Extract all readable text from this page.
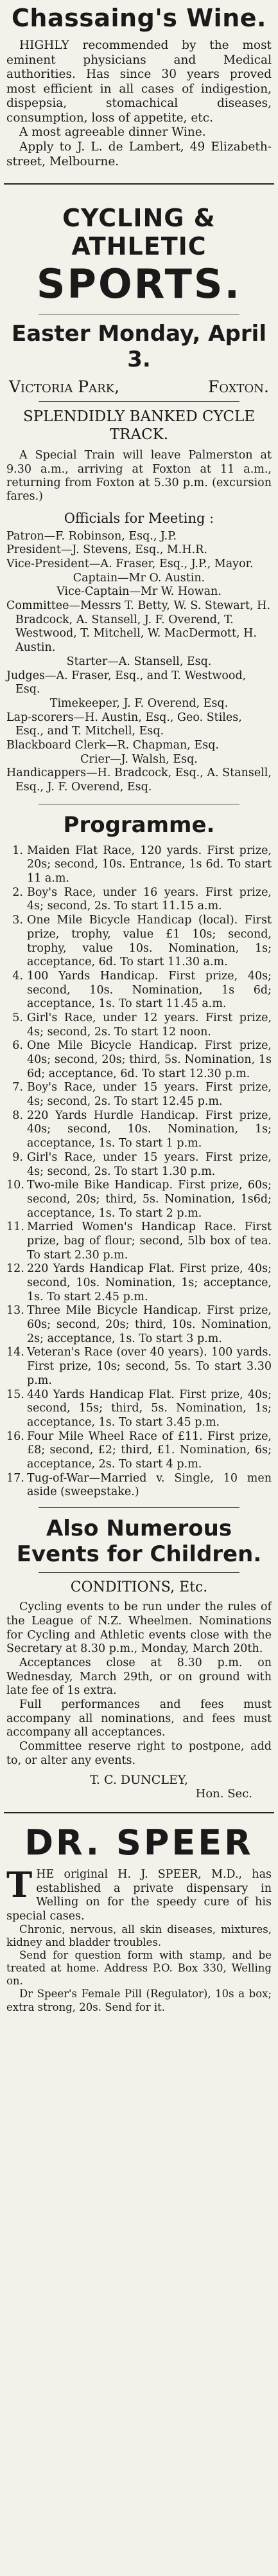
Chassaing's Wine.
HIGHLY recommended by the most eminent physicians and Medical authorities. Has since 30 years proved most efficient in all cases of indigestion, dispepsia, stomachical diseases, consumption, loss of appetite, etc.
A most agreeable dinner Wine.
Apply to J. L. de Lambert, 49 Elizabeth-street, Melbourne.
CYCLING & ATHLETIC
SPORTS.
Easter Monday, April 3.
Victoria Park,	Foxton.
SPLENDIDLY BANKED CYCLE TRACK.
A Special Train will leave Palmerston at 9.30 a.m., arriving at Foxton at 11 a.m., returning from Foxton at 5.30 p.m. (excursion fares.)
Officials for Meeting :
Patron—F. Robinson, Esq., J.P.
President—J. Stevens, Esq., M.H.R.
Vice-President—A. Fraser, Esq., J.P., Mayor.
Captain—Mr O. Austin.
Vice-Captain—Mr W. Howan.
Committee—Messrs T. Betty, W. S. Stewart, H. Bradcock, A. Stansell, J. F. Overend, T. Westwood, T. Mitchell, W. MacDermott, H. Austin.
Starter—A. Stansell, Esq.
Judges—A. Fraser, Esq., and T. Westwood, Esq.
Timekeeper, J. F. Overend, Esq.
Lap-scorers—H. Austin, Esq., Geo. Stiles, Esq., and T. Mitchell, Esq.
Blackboard Clerk—R. Chapman, Esq.
Crier—J. Walsh, Esq.
Handicappers—H. Bradcock, Esq., A. Stansell, Esq., J. F. Overend, Esq.
Programme.
1. Maiden Flat Race, 120 yards. First prize, 20s; second, 10s. Entrance, 1s 6d. To start 11 a.m.
2. Boy's Race, under 16 years. First prize, 4s; second, 2s. To start 11.15 a.m.
3. One Mile Bicycle Handicap (local). First prize, trophy, value £1 10s; second, trophy, value 10s. Nomination, 1s; acceptance, 6d. To start 11.30 a.m.
4. 100 Yards Handicap. First prize, 40s; second, 10s. Nomination, 1s 6d; acceptance, 1s. To start 11.45 a.m.
5. Girl's Race, under 12 years. First prize, 4s; second, 2s. To start 12 noon.
6. One Mile Bicycle Handicap. First prize, 40s; second, 20s; third, 5s. Nomination, 1s 6d; acceptance, 6d. To start 12.30 p.m.
7. Boy's Race, under 15 years. First prize, 4s; second, 2s. To start 12.45 p.m.
8. 220 Yards Hurdle Handicap. First prize, 40s; second, 10s. Nomination, 1s; acceptance, 1s. To start 1 p.m.
9. Girl's Race, under 15 years. First prize, 4s; second, 2s. To start 1.30 p.m.
10. Two-mile Bike Handicap. First prize, 60s; second, 20s; third, 5s. Nomination, 1s6d; acceptance, 1s. To start 2 p.m.
11. Married Women's Handicap Race. First prize, bag of flour; second, 5lb box of tea. To start 2.30 p.m.
12. 220 Yards Handicap Flat. First prize, 40s; second, 10s. Nomination, 1s; acceptance, 1s. To start 2.45 p.m.
13. Three Mile Bicycle Handicap. First prize, 60s; second, 20s; third, 10s. Nomination, 2s; acceptance, 1s. To start 3 p.m.
14. Veteran's Race (over 40 years). 100 yards. First prize, 10s; second, 5s. To start 3.30 p.m.
15. 440 Yards Handicap Flat. First prize, 40s; second, 15s; third, 5s. Nomination, 1s; acceptance, 1s. To start 3.45 p.m.
16. Four Mile Wheel Race of £11. First prize, £8; second, £2; third, £1. Nomination, 6s; acceptance, 2s. To start 4 p.m.
17. Tug-of-War—Married v. Single, 10 men aside (sweepstake.)
Also Numerous Events for Children.
CONDITIONS, Etc.
Cycling events to be run under the rules of the League of N.Z. Wheelmen. Nominations for Cycling and Athletic events close with the Secretary at 8.30 p.m., Monday, March 20th.
Acceptances close at 8.30 p.m. on Wednesday, March 29th, or on ground with late fee of 1s extra.
Full performances and fees must accompany all nominations, and fees must accompany all acceptances.
Committee reserve right to postpone, add to, or alter any events.
T. C. DUNCLEY,
Hon. Sec.
DR. SPEER
T HE original H. J. SPEER, M.D., has established a private dispensary in Welling on for the speedy cure of his special cases.
Chronic, nervous, all skin diseases, mixtures, kidney and bladder troubles.
Send for question form with stamp, and be treated at home. Address P.O. Box 330, Welling on.
Dr Speer's Female Pill (Regulator), 10s a box; extra strong, 20s. Send for it.
